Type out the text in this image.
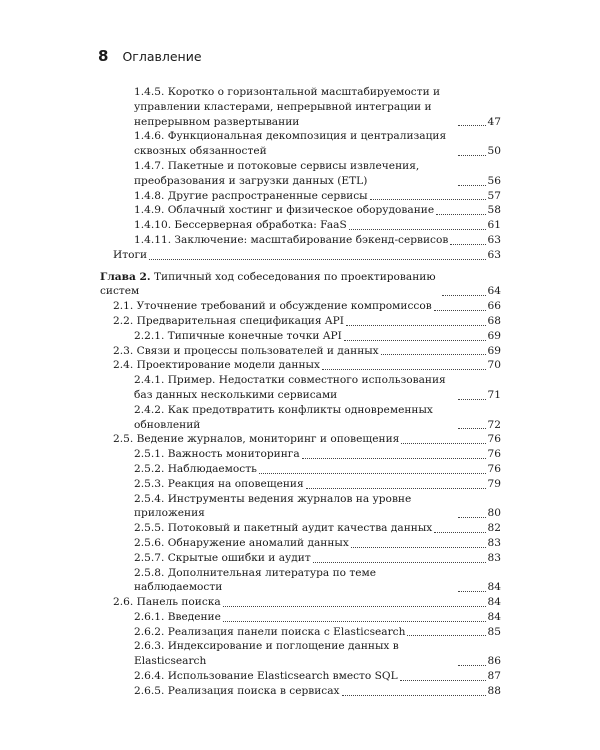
8 Оглавление
1.4.5. Коротко о горизонтальной масштабируемости и управлении кластерами, непрерывной интеграции и непрерывном развертывании	47
1.4.6. Функциональная декомпозиция и централизация сквозных обязанностей	50
1.4.7. Пакетные и потоковые сервисы извлечения, преобразования и загрузки данных (ETL)	56
1.4.8. Другие распространенные сервисы	57
1.4.9. Облачный хостинг и физическое оборудование	58
1.4.10. Бессерверная обработка: FaaS	61
1.4.11. Заключение: масштабирование бэкенд-сервисов	63
Итоги	63
Глава 2. Типичный ход собеседования по проектированию систем	64
2.1. Уточнение требований и обсуждение компромиссов	66
2.2. Предварительная спецификация API	68
2.2.1. Типичные конечные точки API	69
2.3. Связи и процессы пользователей и данных	69
2.4. Проектирование модели данных	70
2.4.1. Пример. Недостатки совместного использования баз данных несколькими сервисами	71
2.4.2. Как предотвратить конфликты одновременных обновлений	72
2.5. Ведение журналов, мониторинг и оповещения	76
2.5.1. Важность мониторинга	76
2.5.2. Наблюдаемость	76
2.5.3. Реакция на оповещения	79
2.5.4. Инструменты ведения журналов на уровне приложения	80
2.5.5. Потоковый и пакетный аудит качества данных	82
2.5.6. Обнаружение аномалий данных	83
2.5.7. Скрытые ошибки и аудит	83
2.5.8. Дополнительная литература по теме наблюдаемости	84
2.6. Панель поиска	84
2.6.1. Введение	84
2.6.2. Реализация панели поиска с Elasticsearch	85
2.6.3. Индексирование и поглощение данных в Elasticsearch	86
2.6.4. Использование Elasticsearch вместо SQL	87
2.6.5. Реализация поиска в сервисах	88
